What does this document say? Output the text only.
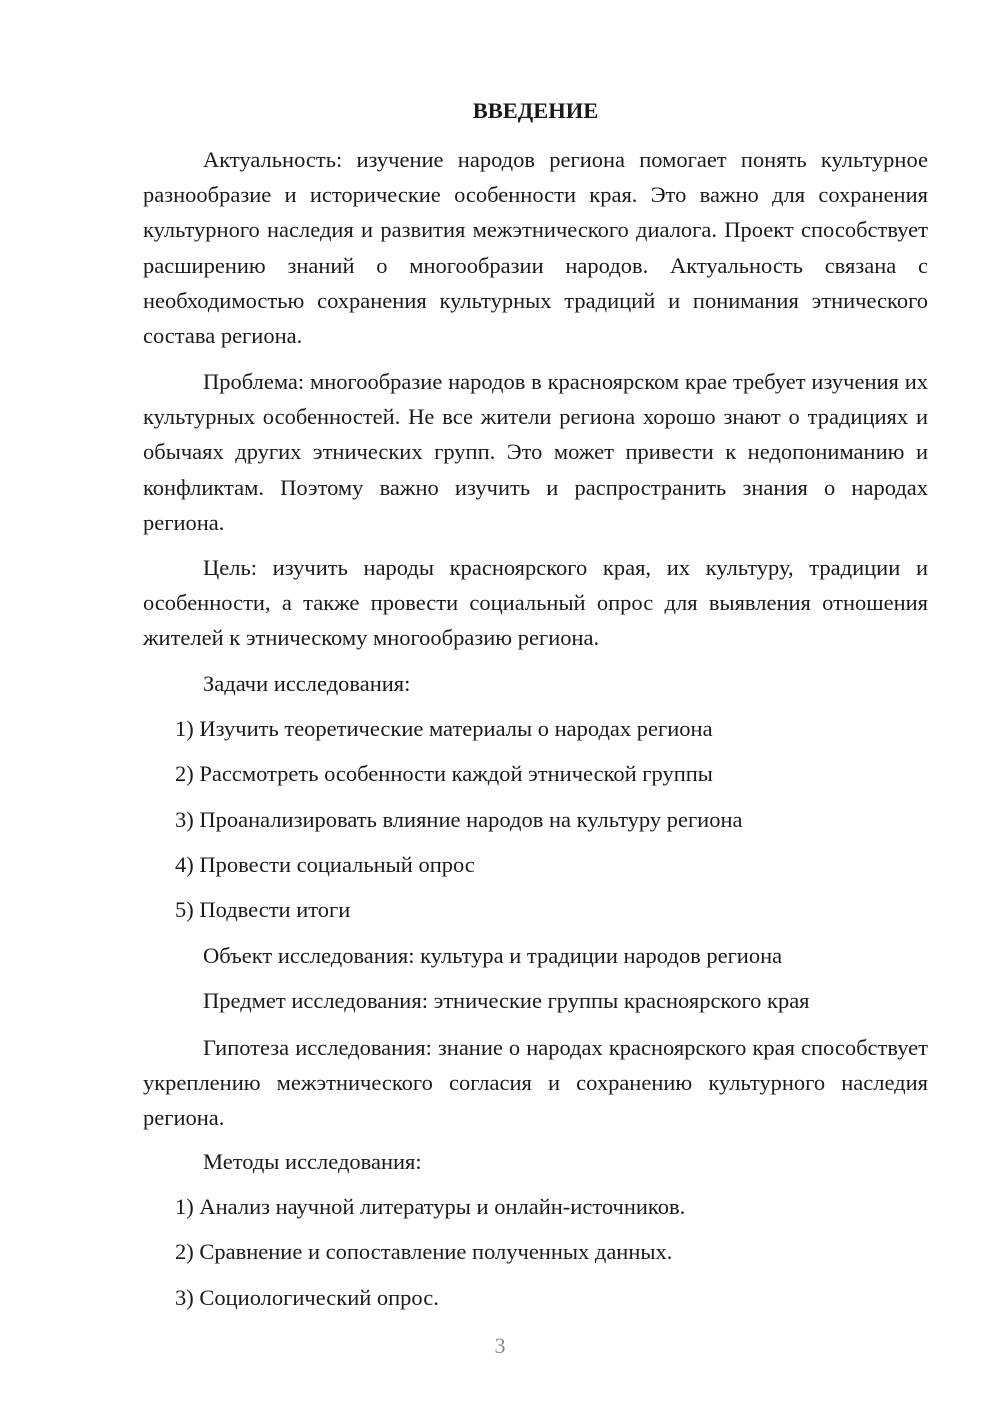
ВВЕДЕНИЕ

Актуальность: изучение народов региона помогает понять культурное разнообразие и исторические особенности края. Это важно для сохранения культурного наследия и развития межэтнического диалога. Проект способствует расширению знаний о многообразии народов. Актуальность связана с необходимостью сохранения культурных традиций и понимания этнического состава региона.

Проблема: многообразие народов в красноярском крае требует изучения их культурных особенностей. Не все жители региона хорошо знают о традициях и обычаях других этнических групп. Это может привести к недопониманию и конфликтам. Поэтому важно изучить и распространить знания о народах региона.

Цель: изучить народы красноярского края, их культуру, традиции и особенности, а также провести социальный опрос для выявления отношения жителей к этническому многообразию региона.

Задачи исследования:

1) Изучить теоретические материалы о народах региона

2) Рассмотреть особенности каждой этнической группы

3) Проанализировать влияние народов на культуру региона

4) Провести социальный опрос

5) Подвести итоги

Объект исследования: культура и традиции народов региона

Предмет исследования: этнические группы красноярского края

Гипотеза исследования: знание о народах красноярского края способствует укреплению межэтнического согласия и сохранению культурного наследия региона.

Методы исследования:

1) Анализ научной литературы и онлайн-источников.

2) Сравнение и сопоставление полученных данных.

3) Социологический опрос.

3
